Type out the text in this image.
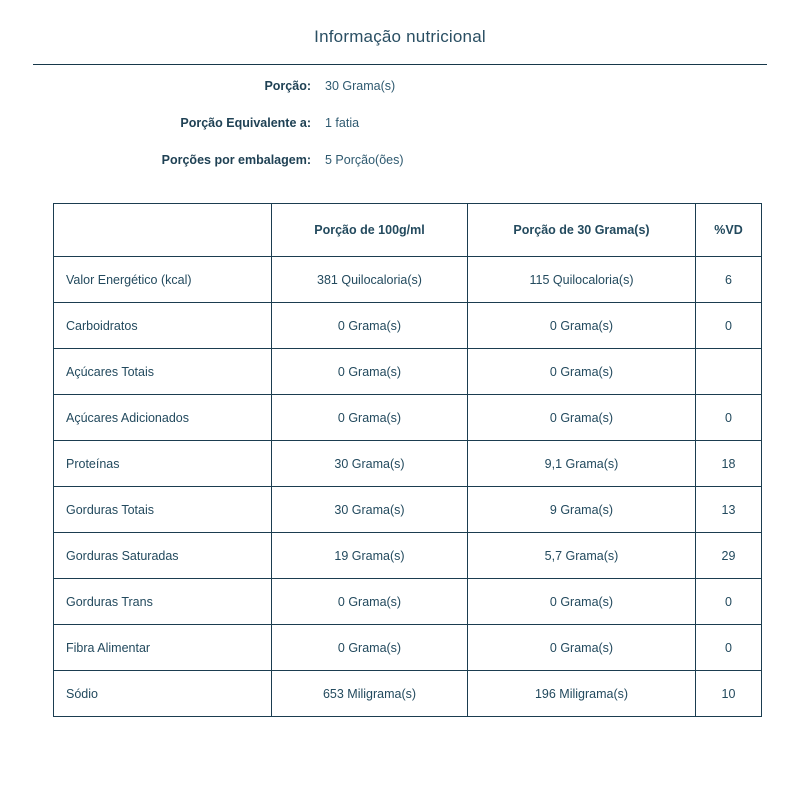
Informação nutricional
Porção:	30 Grama(s)
Porção Equivalente a:	1 fatia
Porções por embalagem:	5 Porção(ões)
	Porção de 100g/ml	Porção de 30 Grama(s)	%VD
Valor Energético (kcal)	381 Quilocaloria(s)	115 Quilocaloria(s)	6
Carboidratos	0 Grama(s)	0 Grama(s)	0
Açúcares Totais	0 Grama(s)	0 Grama(s)	
Açúcares Adicionados	0 Grama(s)	0 Grama(s)	0
Proteínas	30 Grama(s)	9,1 Grama(s)	18
Gorduras Totais	30 Grama(s)	9 Grama(s)	13
Gorduras Saturadas	19 Grama(s)	5,7 Grama(s)	29
Gorduras Trans	0 Grama(s)	0 Grama(s)	0
Fibra Alimentar	0 Grama(s)	0 Grama(s)	0
Sódio	653 Miligrama(s)	196 Miligrama(s)	10
